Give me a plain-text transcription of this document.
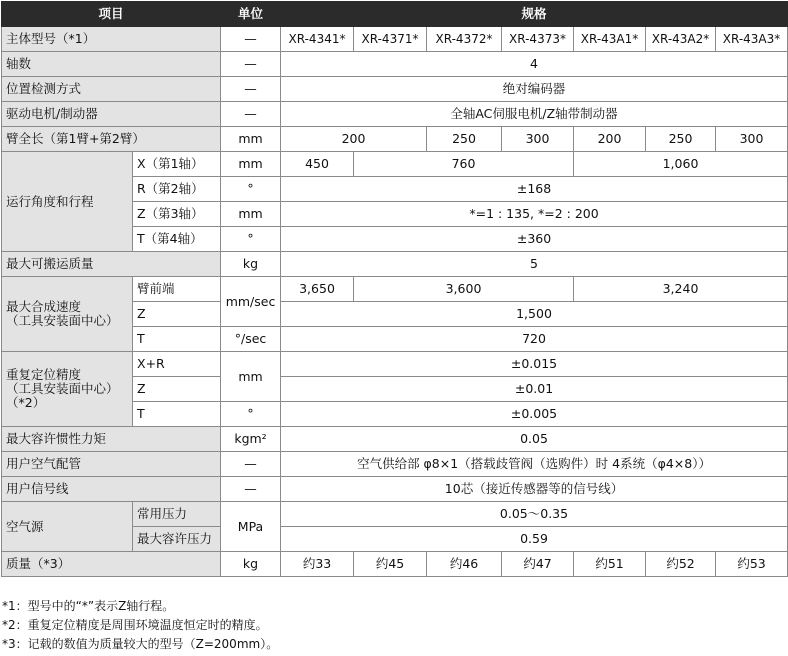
项目		单位	规格						
主体型号（*1）		—	XR-4341*	XR-4371*	XR-4372*	XR-4373*	XR-43A1*	XR-43A2*	XR-43A3*
轴数		—	4						
位置检测方式		—	绝对编码器						
驱动电机/制动器		—	全轴AC伺服电机/Z轴带制动器						
臂全长（第1臂+第2臂）		mm	200		250	300	200	250	300
运行角度和行程	X（第1轴）	mm	450	760			1,060		
	R（第2轴）	°	±168						
	Z（第3轴）	mm	*=1 : 135, *=2 : 200						
	T（第4轴）	°	±360						
最大可搬运质量		kg	5						

最大合成速度
（工具安装面中心）	臂前端	mm/sec	3,650	3,600			3,240		
	Z		1,500						
	T	°/sec	720						

重复定位精度
（工具安装面中心）
（*2）	X+R	mm	±0.015						
	Z		±0.01						
	T	°	±0.005						
最大容许惯性力矩		kgm²	0.05						
用户空气配管		—	空气供给部 φ8×1（搭载歧管阀（选购件）时 4系统（φ4×8））						
用户信号线		—	10芯（接近传感器等的信号线）						
空气源	常用压力	MPa	0.05～0.35						
	最大容许压力		0.59						
质量（*3）		kg	约33	约45	约46	约47	约51	约52	约53
*1：型号中的“*”表示Z轴行程。
*2：重复定位精度是周围环境温度恒定时的精度。
*3：记载的数值为质量较大的型号（Z=200mm）。
